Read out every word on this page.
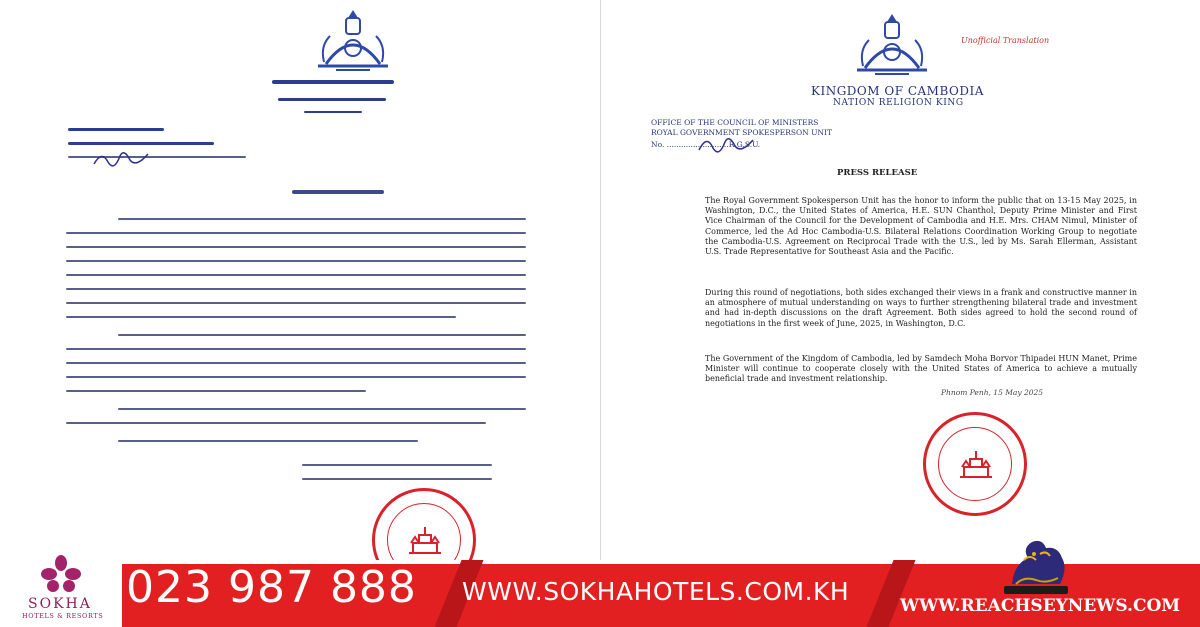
Unofficial Translation
KINGDOM OF CAMBODIA
NATION RELIGION KING
OFFICE OF THE COUNCIL OF MINISTERS
ROYAL GOVERNMENT SPOKESPERSON UNIT
No. ..........................R.G.S.U.
PRESS RELEASE
The Royal Government Spokesperson Unit has the honor to inform the public that on 13-15 May 2025, in Washington, D.C., the United States of America, H.E. SUN Chanthol, Deputy Prime Minister and First Vice Chairman of the Council for the Development of Cambodia and H.E. Mrs. CHAM Nimul, Minister of Commerce, led the Ad Hoc Cambodia-U.S. Bilateral Relations Coordination Working Group to negotiate the Cambodia-U.S. Agreement on Reciprocal Trade with the U.S., led by Ms. Sarah Ellerman, Assistant U.S. Trade Representative for Southeast Asia and the Pacific.
During this round of negotiations, both sides exchanged their views in a frank and constructive manner in an atmosphere of mutual understanding on ways to further strengthening bilateral trade and investment and had in-depth discussions on the draft Agreement. Both sides agreed to hold the second round of negotiations in the first week of June, 2025, in Washington, D.C.
The Government of the Kingdom of Cambodia, led by Samdech Moha Borvor Thipadei HUN Manet, Prime Minister will continue to cooperate closely with the United States of America to achieve a mutually beneficial trade and investment relationship.
Phnom Penh, 15 May 2025
SOKHA
HOTELS & RESORTS
023 987 888 WWW.SOKHAHOTELS.COM.KH	WWW.REACHSEYNEWS.COM
